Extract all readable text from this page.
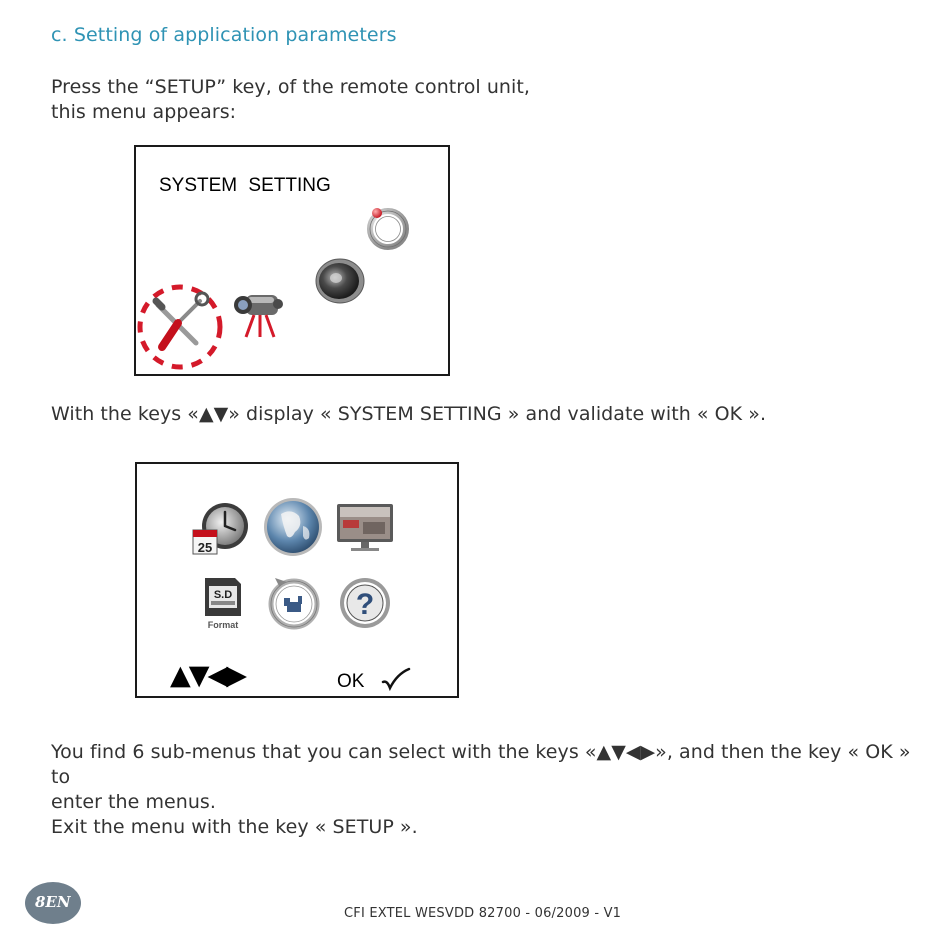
c. Setting of application parameters
Press the “SETUP” key, of the remote control unit,
this menu appears:
SYSTEM SETTING
With the keys «▲▼» display « SYSTEM SETTING » and validate with « OK ».
25
S.D
Format
?
▲▼◀▶	OK
You find 6 sub-menus that you can select with the keys «▲▼◀▶», and then the key « OK » to
enter the menus.
Exit the menu with the key « SETUP ».
8EN
CFI EXTEL WESVDD 82700 - 06/2009 - V1
